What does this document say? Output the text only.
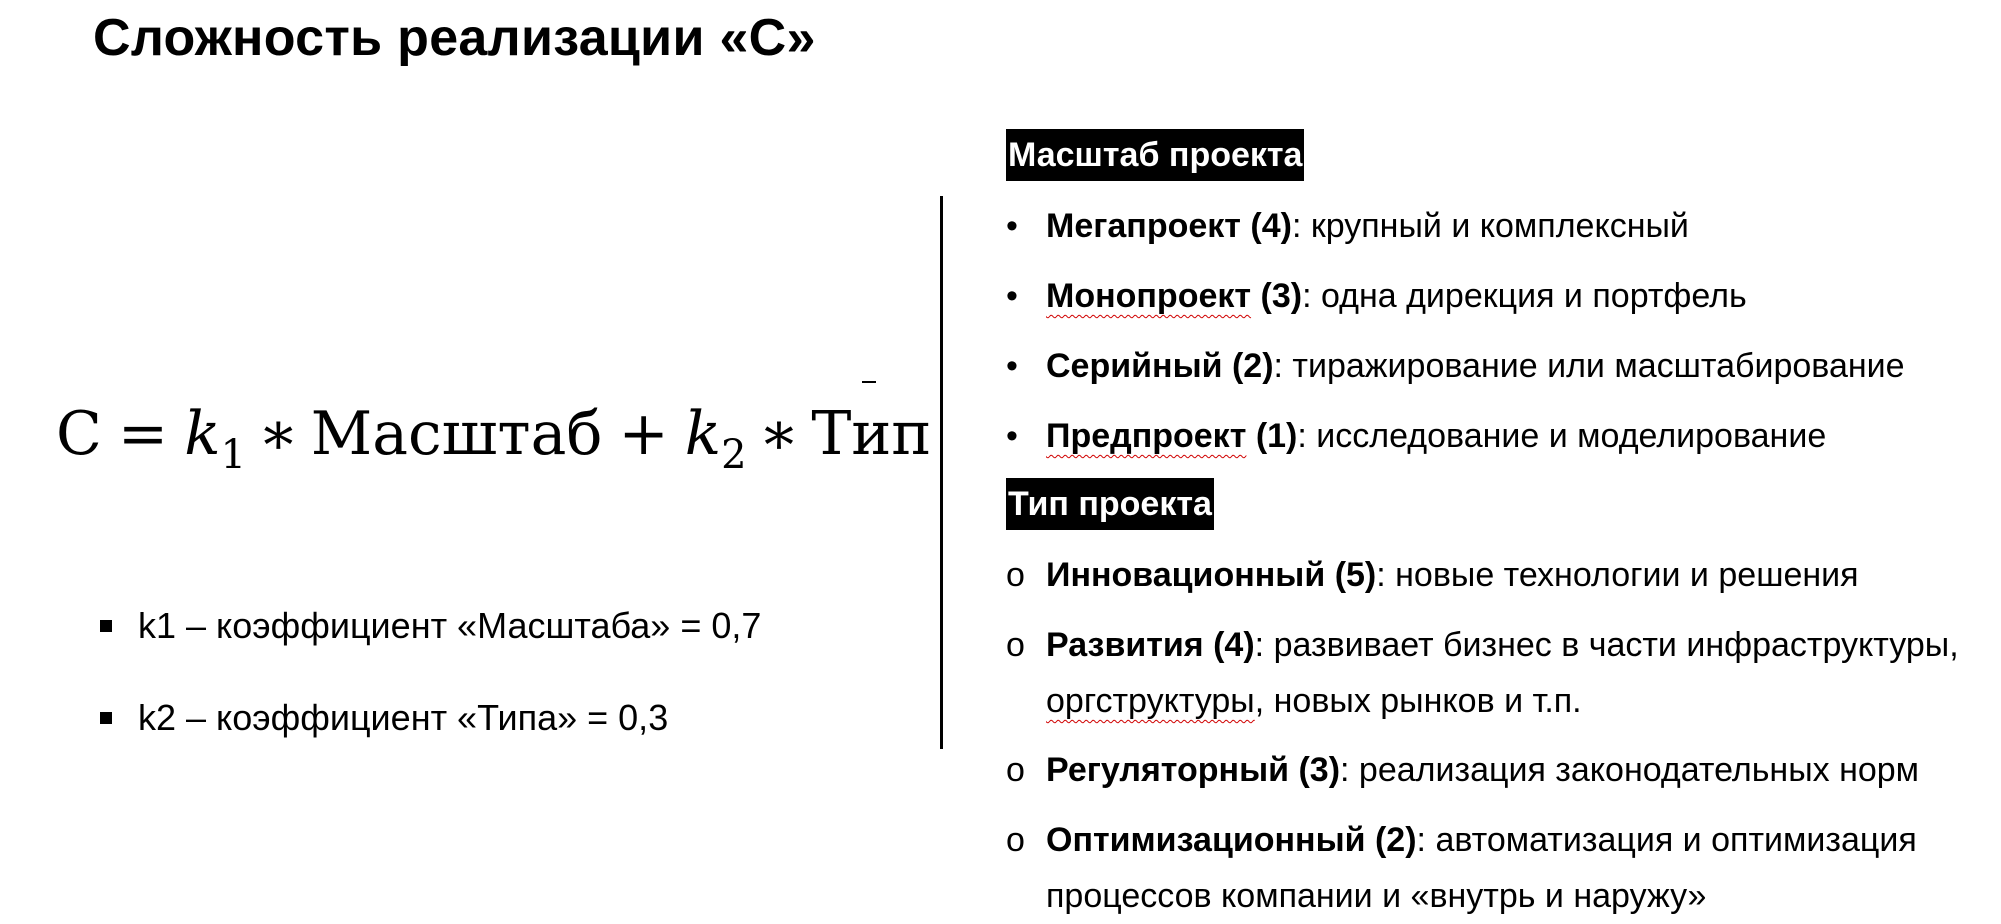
Сложность реализации «С»
$С = k_1$ ∗ Масштаб + $k_2$ ∗ Тип
k1 – коэффициент «Масштаба» = 0,7
k2 – коэффициент «Типа» = 0,3
Масштаб проекта

• Мегапроект (4): крупный и комплексный

• Монопроект (3): одна дирекция и портфель

• Серийный (2): тиражирование или масштабирование

• Предпроект (1): исследование и моделирование

Тип проекта

o Инновационный (5): новые технологии и решения

o Развития (4): развивает бизнес в части инфраструктуры,
оргструктуры, новых рынков и т.п.

o Регуляторный (3): реализация законодательных норм

o Оптимизационный (2): автоматизация и оптимизация
процессов компании и «внутрь и наружу»
